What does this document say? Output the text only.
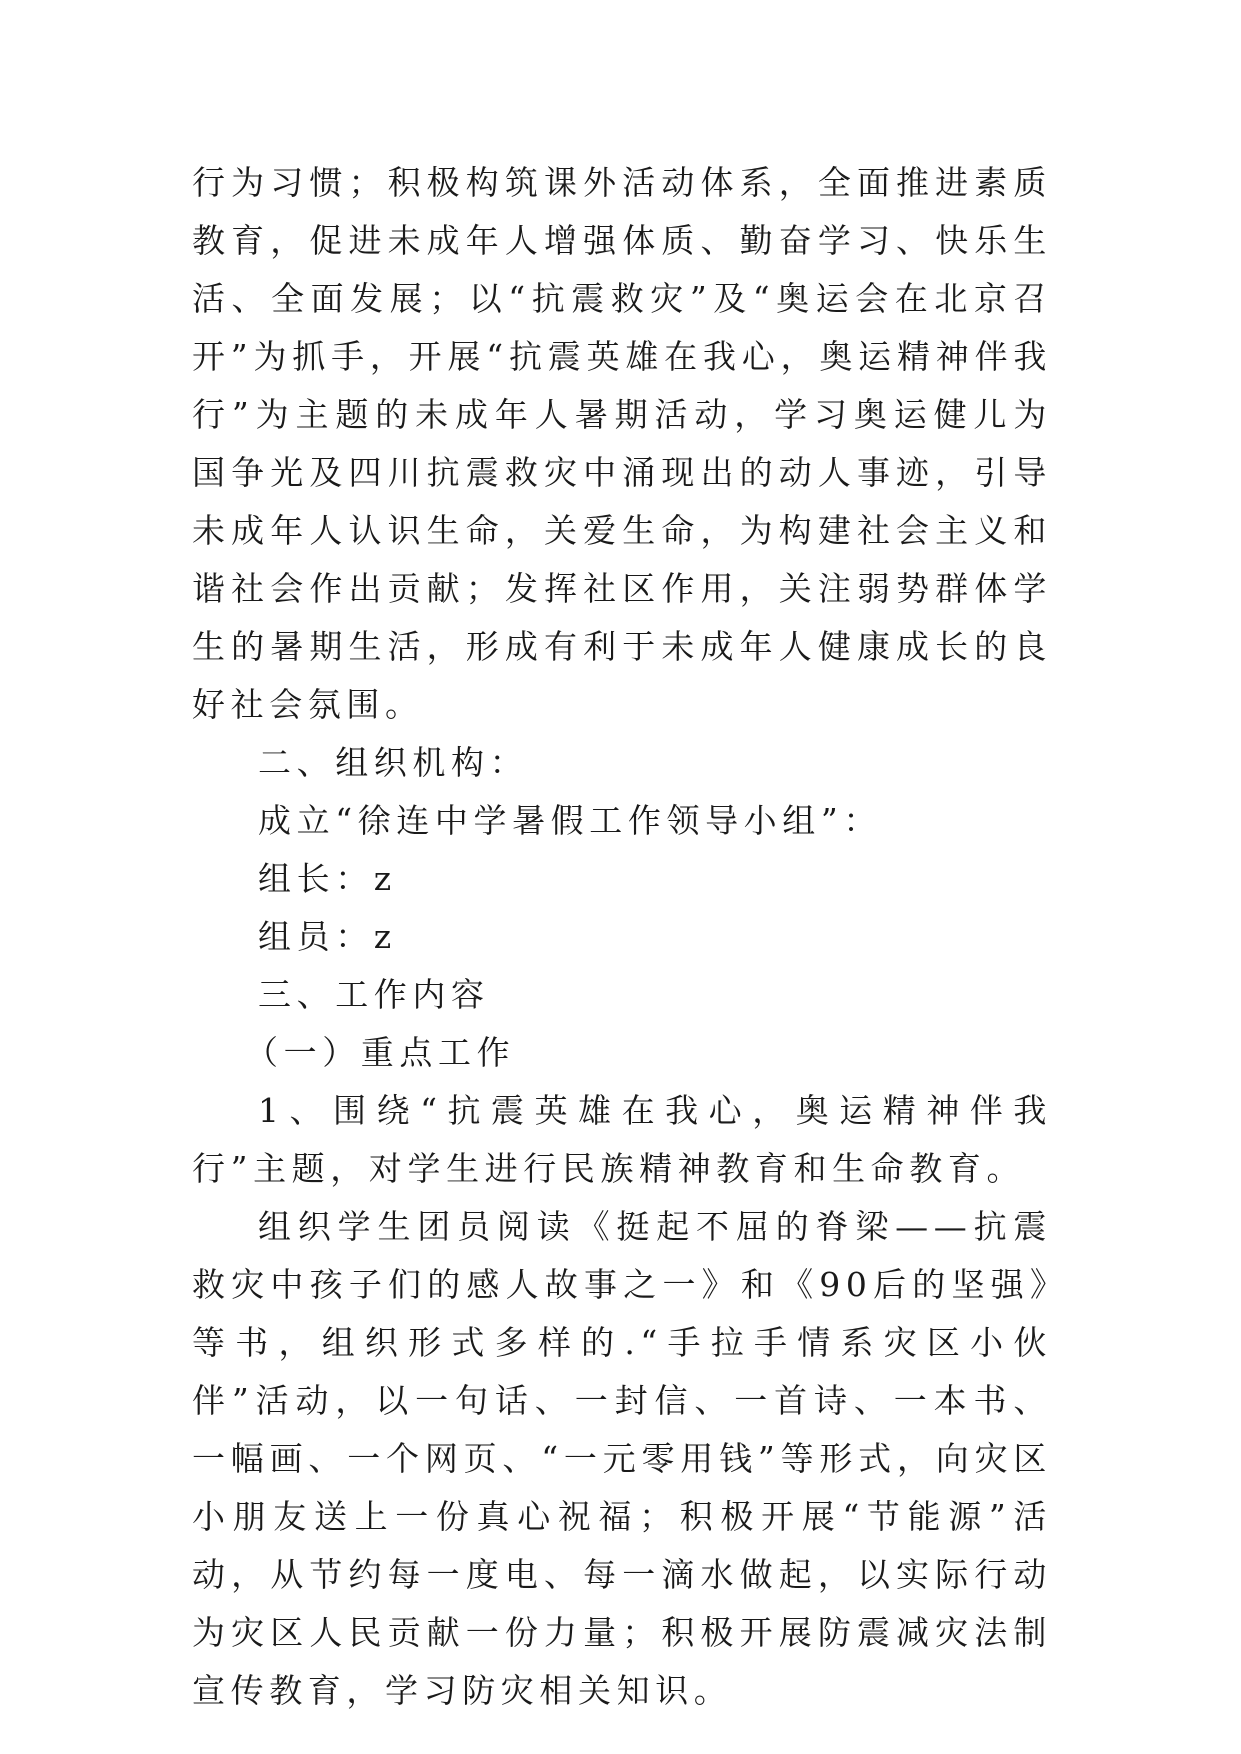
行为习惯；积极构筑课外活动体系，全面推进素质教育，促进未成年人增强体质、勤奋学习、快乐生活、全面发展；以“抗震救灾”及“奥运会在北京召开”为抓手，开展“抗震英雄在我心，奥运精神伴我行”为主题的未成年人暑期活动，学习奥运健儿为国争光及四川抗震救灾中涌现出的动人事迹，引导未成年人认识生命，关爱生命，为构建社会主义和谐社会作出贡献；发挥社区作用，关注弱势群体学生的暑期生活，形成有利于未成年人健康成长的良好社会氛围。

二、组织机构：

成立“徐连中学暑假工作领导小组”：

组长：z

组员：z

三、工作内容

（一）重点工作

1、围绕“抗震英雄在我心，奥运精神伴我行”主题，对学生进行民族精神教育和生命教育。

组织学生团员阅读《挺起不屈的脊梁——抗震救灾中孩子们的感人故事之一》和《90后的坚强》等书，组织形式多样的.“手拉手情系灾区小伙伴”活动，以一句话、一封信、一首诗、一本书、一幅画、一个网页、“一元零用钱”等形式，向灾区小朋友送上一份真心祝福；积极开展“节能源”活动，从节约每一度电、每一滴水做起，以实际行动为灾区人民贡献一份力量；积极开展防震减灾法制宣传教育，学习防灾相关知识。
